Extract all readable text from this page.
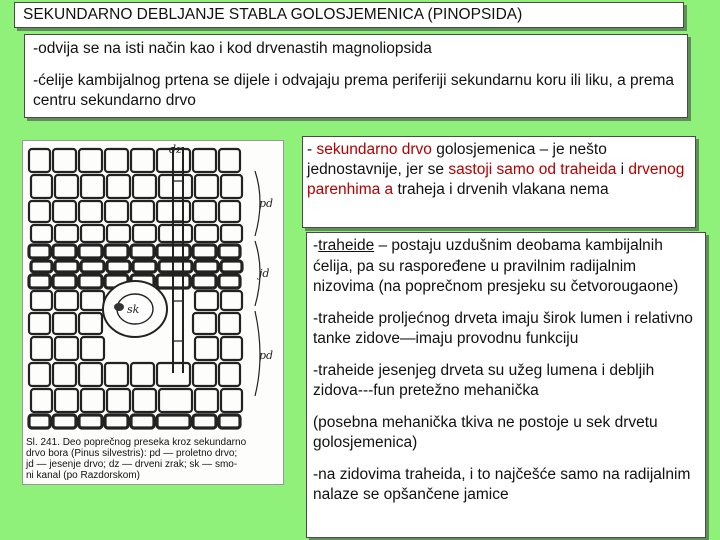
SEKUNDARNO DEBLJANJE STABLA GOLOSJEMENICA (PINOPSIDA)

-odvija se na isti način kao i kod drvenastih magnoliopsida

-ćelije kambijalnog prtena se dijele i odvajaju prema periferiji sekundarnu koru ili liku, a prema centru sekundarno drvo

dz
pd
jd
pd
sk
Sl. 241. Deo poprečnog preseka kroz sekundarno
drvo bora (Pinus silvestris): pd — proletno drvo;
jd — jesenje drvo; dz — drveni zrak; sk — smo-
ni kanal (po Razdorskom)
- sekundarno drvo golosjemenica – je nešto jednostavnije, jer se sastoji samo od traheida i drvenog parenhima a traheja i drvenih vlakana nema

-traheide – postaju uzdušnim deobama kambijalnih ćelija, pa su raspoređene u pravilnim radijalnim nizovima (na poprečnom presjeku su četvorougaone)

-traheide proljećnog drveta imaju širok lumen i relativno tanke zidove—imaju provodnu funkciju

-traheide jesenjeg drveta su užeg lumena i debljih zidova---fun pretežno mehanička

(posebna mehanička tkiva ne postoje u sek drvetu golosjemenica)

-na zidovima traheida, i to najčešće samo na radijalnim nalaze se opšančene jamice
